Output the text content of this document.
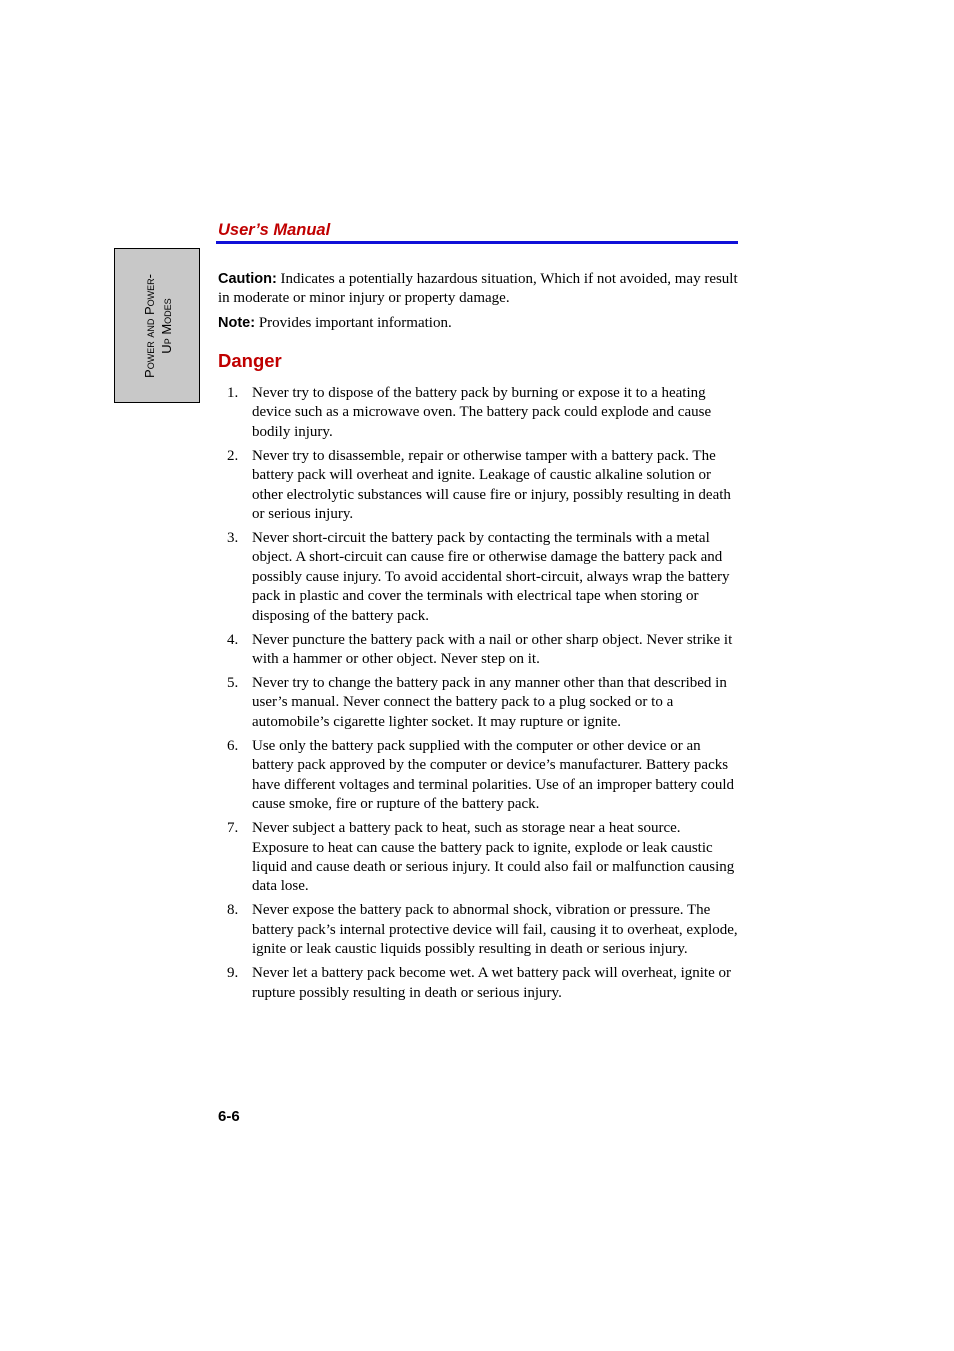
User’s Manual
Power and Power-
Up Modes
Caution: Indicates a potentially hazardous situation, Which if not avoided, may result in moderate or minor injury or property damage.
Note: Provides important information.
Danger
1. Never try to dispose of the battery pack by burning or expose it to a heating device such as a microwave oven. The battery pack could explode and cause bodily injury.
2. Never try to disassemble, repair or otherwise tamper with a battery pack. The battery pack will overheat and ignite. Leakage of caustic alkaline solution or other electrolytic substances will cause fire or injury, possibly resulting in death or serious injury.
3. Never short-circuit the battery pack by contacting the terminals with a metal object. A short-circuit can cause fire or otherwise damage the battery pack and possibly cause injury. To avoid accidental short-circuit, always wrap the battery pack in plastic and cover the terminals with electrical tape when storing or disposing of the battery pack.
4. Never puncture the battery pack with a nail or other sharp object. Never strike it with a hammer or other object. Never step on it.
5. Never try to change the battery pack in any manner other than that described in user’s manual. Never connect the battery pack to a plug socked or to a automobile’s cigarette lighter socket. It may rupture or ignite.
6. Use only the battery pack supplied with the computer or other device or an battery pack approved by the computer or device’s manufacturer. Battery packs have different voltages and terminal polarities. Use of an improper battery could cause smoke, fire or rupture of the battery pack.
7. Never subject a battery pack to heat, such as storage near a heat source. Exposure to heat can cause the battery pack to ignite, explode or leak caustic liquid and cause death or serious injury. It could also fail or malfunction causing data lose.
8. Never expose the battery pack to abnormal shock, vibration or pressure. The battery pack’s internal protective device will fail, causing it to overheat, explode, ignite or leak caustic liquids possibly resulting in death or serious injury.
9. Never let a battery pack become wet. A wet battery pack will overheat, ignite or rupture possibly resulting in death or serious injury.
6-6
